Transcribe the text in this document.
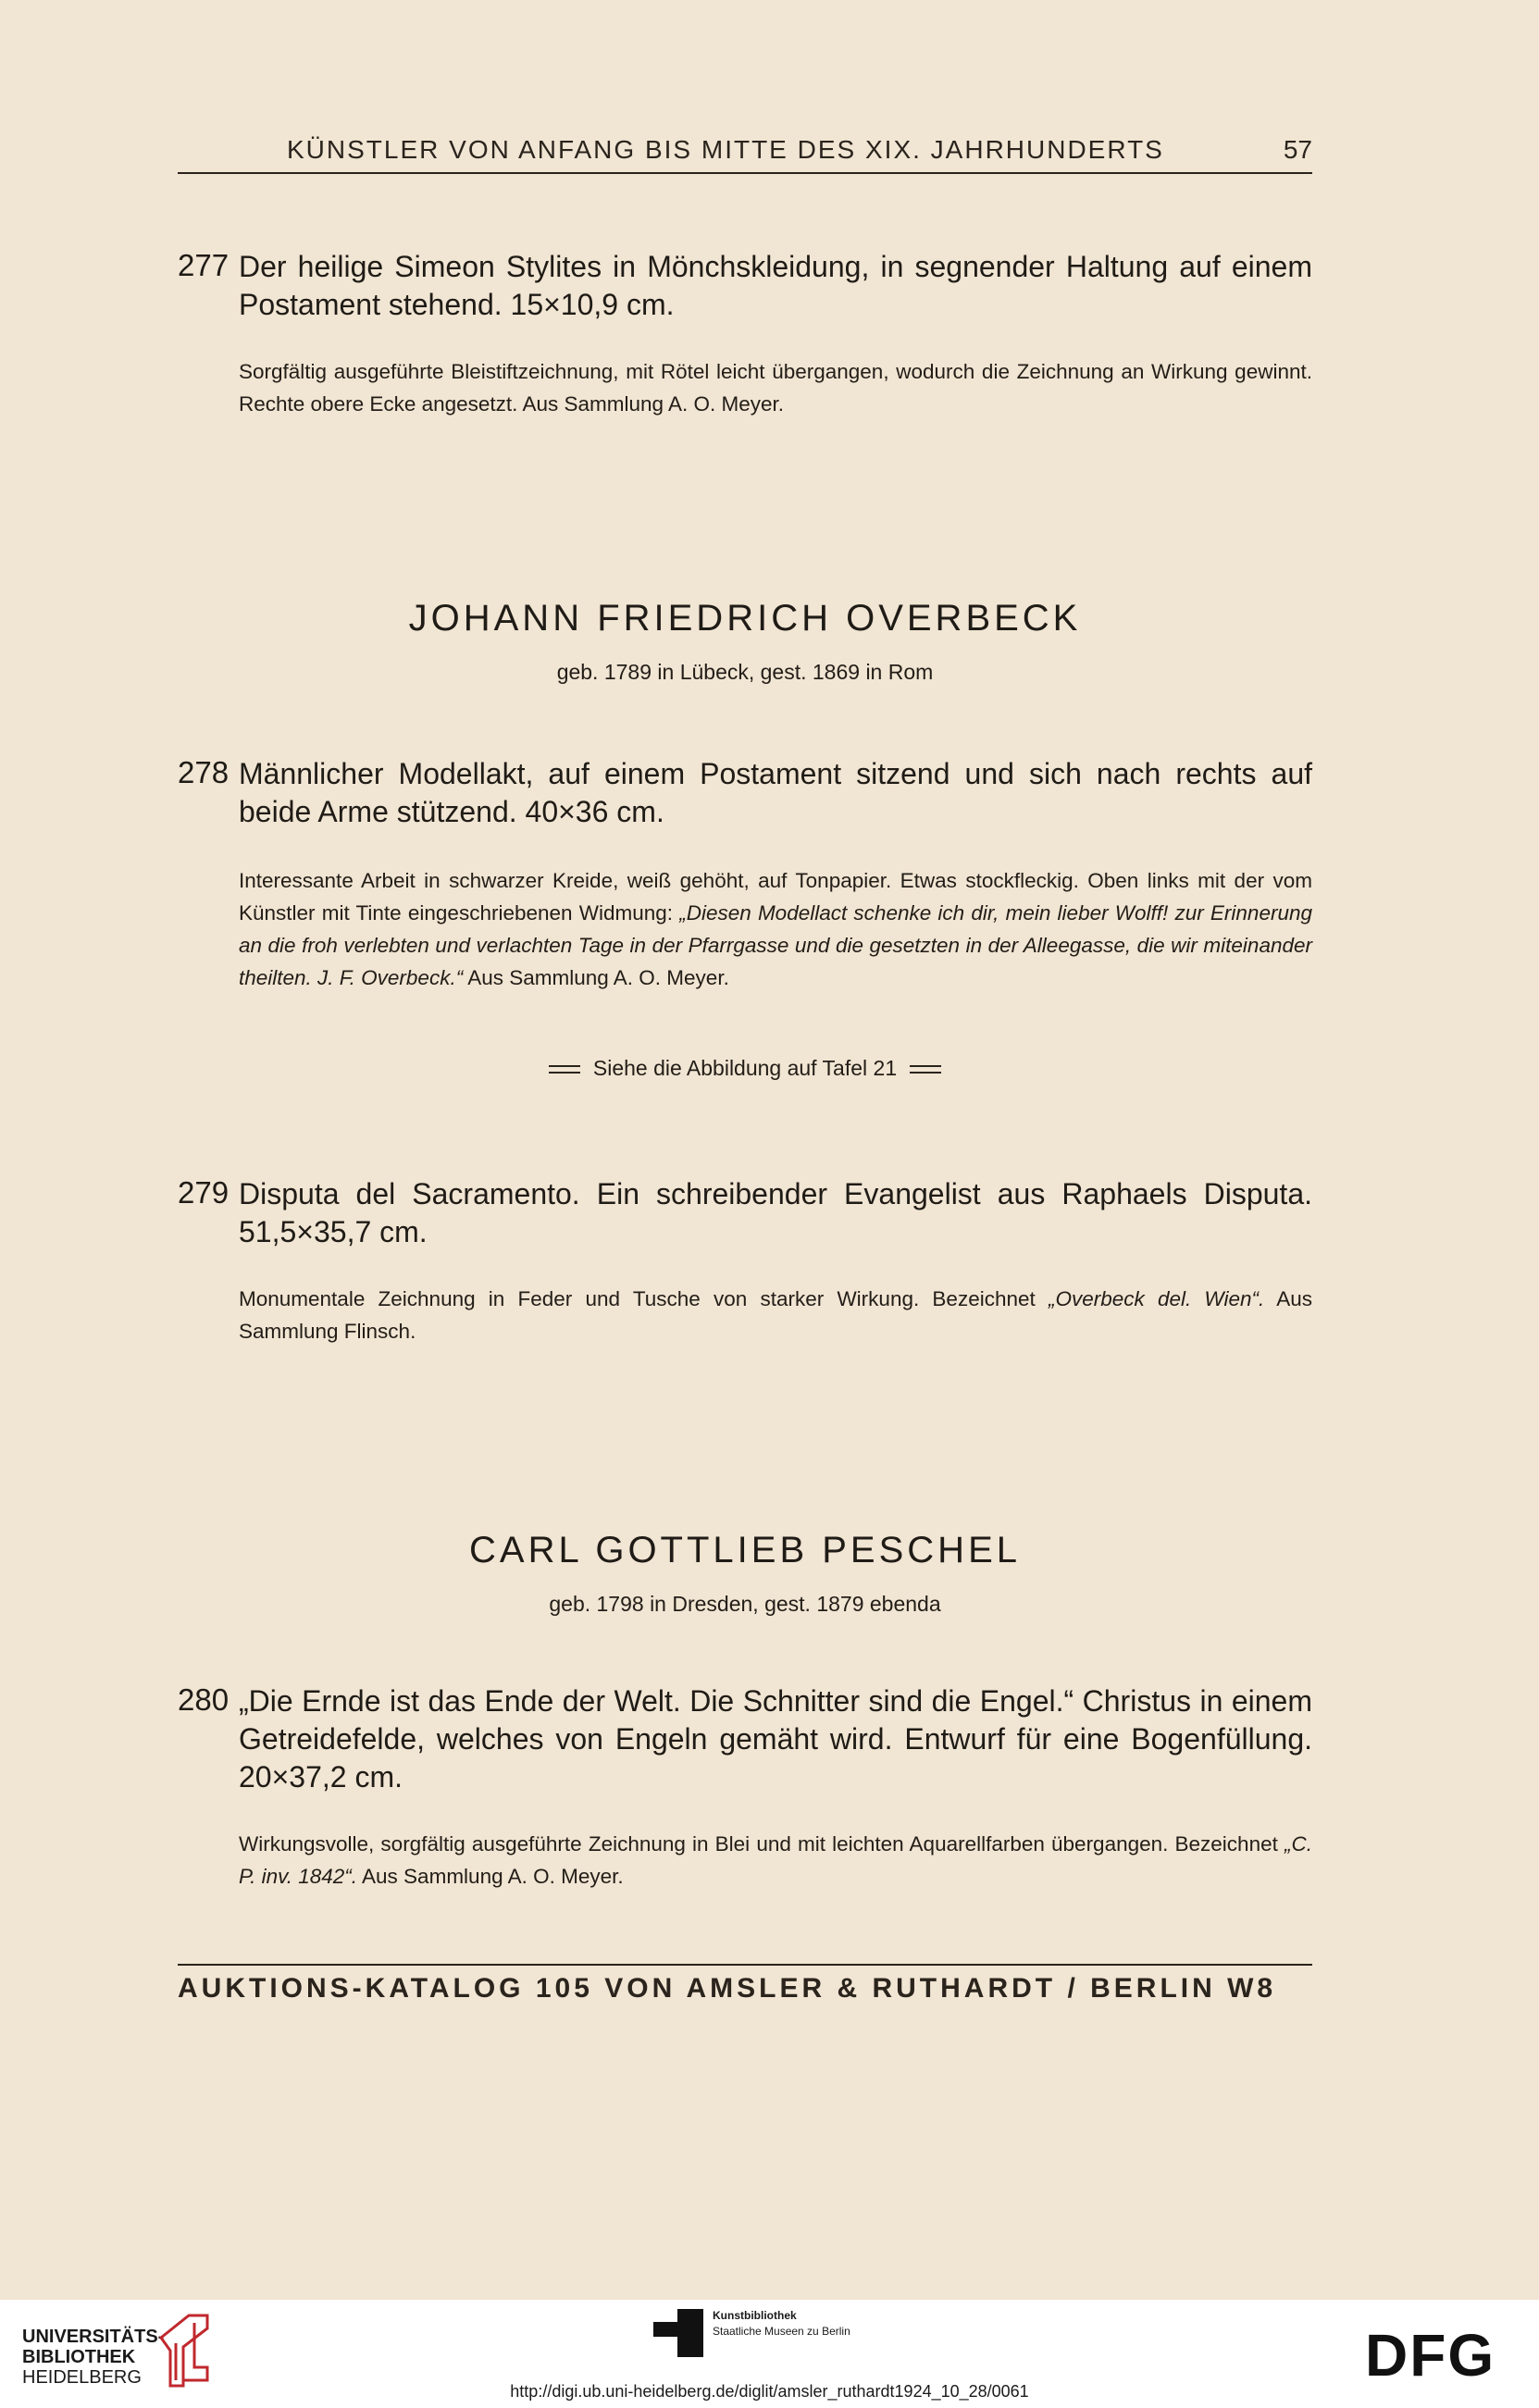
KÜNSTLER VON ANFANG BIS MITTE DES XIX. JAHRHUNDERTS	57
277 Der heilige Simeon Stylites in Mönchskleidung, in segnender Haltung auf einem Postament stehend. 15×10,9 cm.
Sorgfältig ausgeführte Bleistiftzeichnung, mit Rötel leicht übergangen, wodurch die Zeichnung an Wirkung gewinnt. Rechte obere Ecke angesetzt. Aus Sammlung A. O. Meyer.
JOHANN FRIEDRICH OVERBECK
geb. 1789 in Lübeck, gest. 1869 in Rom
278 Männlicher Modellakt, auf einem Postament sitzend und sich nach rechts auf beide Arme stützend. 40×36 cm.
Interessante Arbeit in schwarzer Kreide, weiß gehöht, auf Tonpapier. Etwas stockfleckig. Oben links mit der vom Künstler mit Tinte eingeschriebenen Widmung: „Diesen Modellact schenke ich dir, mein lieber Wolff! zur Erinnerung an die froh verlebten und verlachten Tage in der Pfarrgasse und die gesetzten in der Alleegasse, die wir miteinander theilten. J. F. Overbeck.“ Aus Sammlung A. O. Meyer.
Siehe die Abbildung auf Tafel 21
279 Disputa del Sacramento. Ein schreibender Evangelist aus Raphaels Disputa. 51,5×35,7 cm.
Monumentale Zeichnung in Feder und Tusche von starker Wirkung. Bezeichnet „Overbeck del. Wien“. Aus Sammlung Flinsch.
CARL GOTTLIEB PESCHEL
geb. 1798 in Dresden, gest. 1879 ebenda
280 „Die Ernde ist das Ende der Welt. Die Schnitter sind die Engel.“ Christus in einem Getreidefelde, welches von Engeln gemäht wird. Entwurf für eine Bogenfüllung. 20×37,2 cm.
Wirkungsvolle, sorgfältig ausgeführte Zeichnung in Blei und mit leichten Aquarellfarben übergangen. Bezeichnet „C. P. inv. 1842“. Aus Sammlung A. O. Meyer.
AUKTIONS-KATALOG 105 VON AMSLER & RUTHARDT / BERLIN W8
UNIVERSITÄTS-
BIBLIOTHEK
HEIDELBERG
Kunstbibliothek
Staatliche Museen zu Berlin	DFG
http://digi.ub.uni-heidelberg.de/diglit/amsler_ruthardt1924_10_28/0061
